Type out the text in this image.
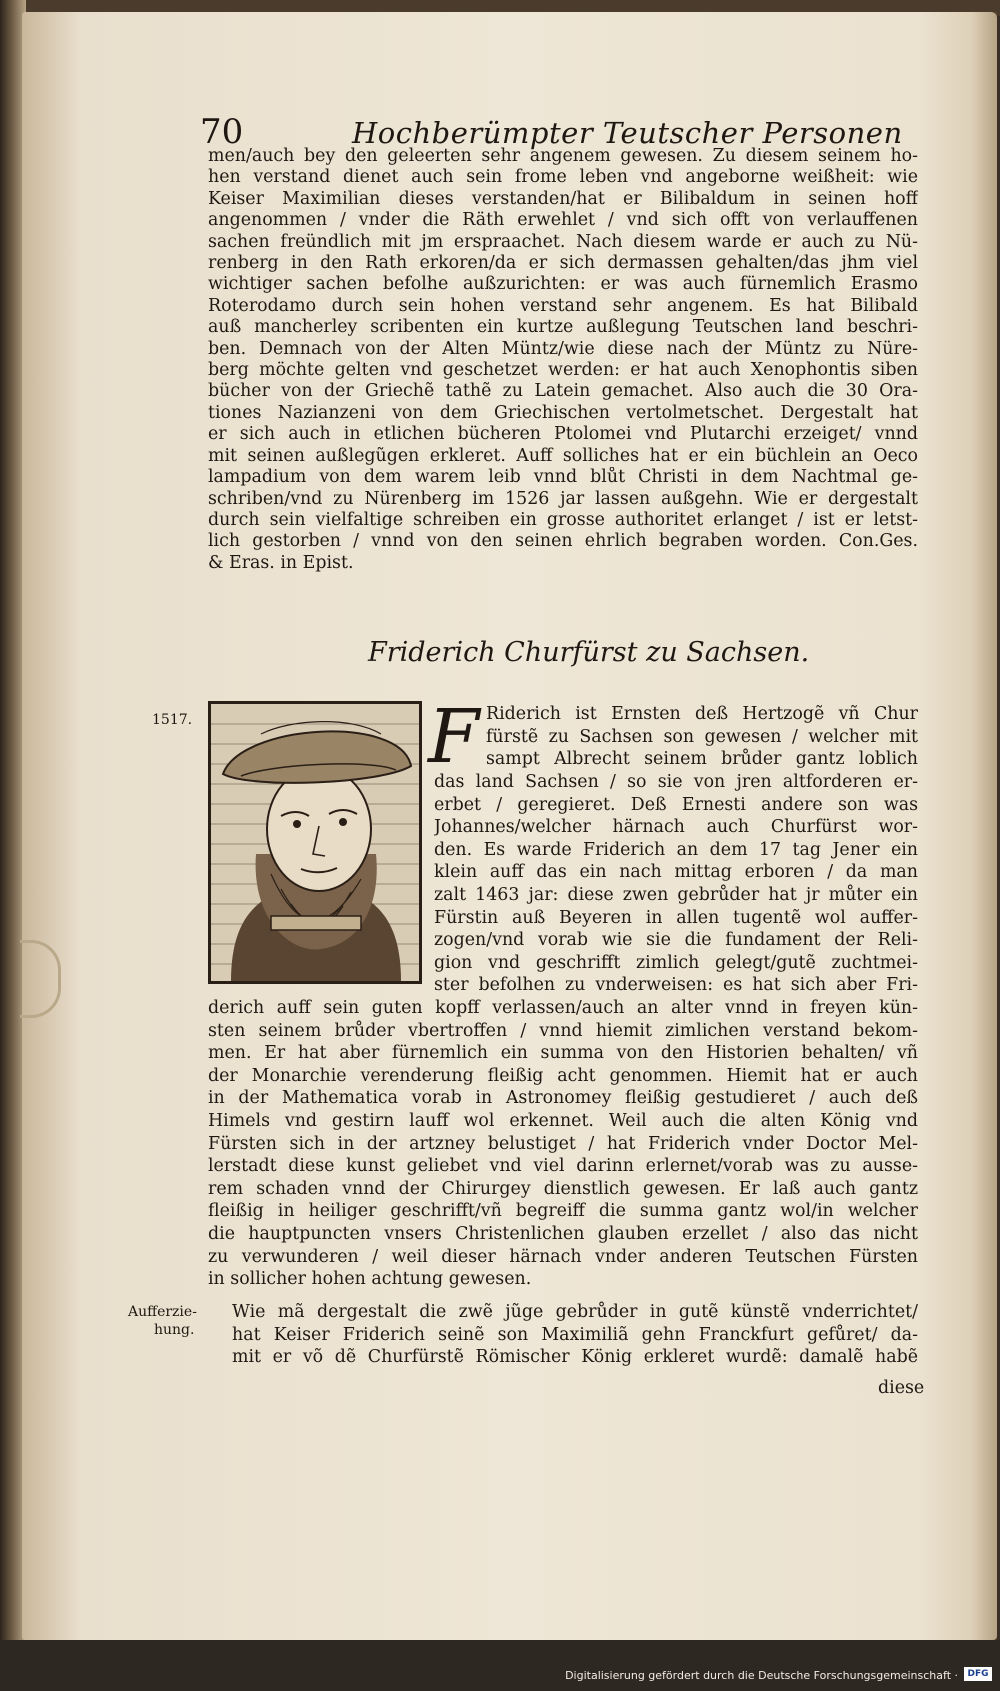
70	Hochberümpter Teutscher Personen
men/auch bey den geleerten sehr angenem gewesen. Zu diesem seinem ho‑
hen verstand dienet auch sein frome leben vnd angeborne weißheit: wie
Keiser Maximilian dieses verstanden/hat er Bilibaldum in seinen hoff
angenommen / vnder die Räth erwehlet / vnd sich offt von verlauffenen
sachen freündlich mit jm erspraachet. Nach diesem warde er auch zu Nü‑
renberg in den Rath erkoren/da er sich dermassen gehalten/das jhm viel
wichtiger sachen befolhe außzurichten: er was auch fürnemlich Erasmo
Roterodamo durch sein hohen verstand sehr angenem. Es hat Bilibald
auß mancherley scribenten ein kurtze außlegung Teutschen land beschri‑
ben. Demnach von der Alten Müntz/wie diese nach der Müntz zu Nüre‑
berg möchte gelten vnd geschetzet werden: er hat auch Xenophontis siben
bücher von der Griechẽ tathẽ zu Latein gemachet. Also auch die 30 Ora‑
tiones Nazianzeni von dem Griechischen vertolmetschet. Dergestalt hat
er sich auch in etlichen bücheren Ptolomei vnd Plutarchi erzeiget/ vnnd
mit seinen außlegũgen erkleret. Auff solliches hat er ein büchlein an Oeco
lampadium von dem warem leib vnnd blůt Christi in dem Nachtmal ge‑
schriben/vnd zu Nürenberg im 1526 jar lassen außgehn. Wie er dergestalt
durch sein vielfaltige schreiben ein grosse authoritet erlanget / ist er letst‑
lich gestorben / vnnd von den seinen ehrlich begraben worden. Con.Ges.
& Eras. in Epist.
Friderich Churfürst zu Sachsen.
1517.	F Riderich ist Ernsten deß Hertzogẽ vñ Chur
fürstẽ zu Sachsen son gewesen / welcher mit
sampt Albrecht seinem brůder gantz loblich
das land Sachsen / so sie von jren altforderen er‑
erbet / geregieret. Deß Ernesti andere son was
Johannes/welcher härnach auch Churfürst wor‑
den. Es warde Friderich an dem 17 tag Jener ein
klein auff das ein nach mittag erboren / da man
zalt 1463 jar: diese zwen gebrůder hat jr můter ein
Fürstin auß Beyeren in allen tugentẽ wol auffer‑
zogen/vnd vorab wie sie die fundament der Reli‑
gion vnd geschrifft zimlich gelegt/gutẽ zuchtmei‑
ster befolhen zu vnderweisen: es hat sich aber Fri‑
derich auff sein guten kopff verlassen/auch an alter vnnd in freyen kün‑
sten seinem brůder vbertroffen / vnnd hiemit zimlichen verstand bekom‑
men. Er hat aber fürnemlich ein summa von den Historien behalten/ vñ
der Monarchie verenderung fleißig acht genommen. Hiemit hat er auch
in der Mathematica vorab in Astronomey fleißig gestudieret / auch deß
Himels vnd gestirn lauff wol erkennet. Weil auch die alten König vnd
Fürsten sich in der artzney belustiget / hat Friderich vnder Doctor Mel‑
lerstadt diese kunst geliebet vnd viel darinn erlernet/vorab was zu ausse‑
rem schaden vnnd der Chirurgey dienstlich gewesen. Er laß auch gantz
fleißig in heiliger geschrifft/vñ begreiff die summa gantz wol/in welcher
die hauptpuncten vnsers Christenlichen glauben erzellet / also das nicht
zu verwunderen / weil dieser härnach vnder anderen Teutschen Fürsten
in sollicher hohen achtung gewesen.
Aufferzie‑
hung.
Wie mã dergestalt die zwẽ jũge gebrůder in gutẽ künstẽ vnderrichtet/
hat Keiser Friderich seinẽ son Maximiliã gehn Franckfurt gefůret/ da‑
mit er võ dẽ Churfürstẽ Römischer König erkleret wurdẽ: damalẽ habẽ
diese
Digitalisierung gefördert durch die Deutsche Forschungsgemeinschaft ·	DFG
